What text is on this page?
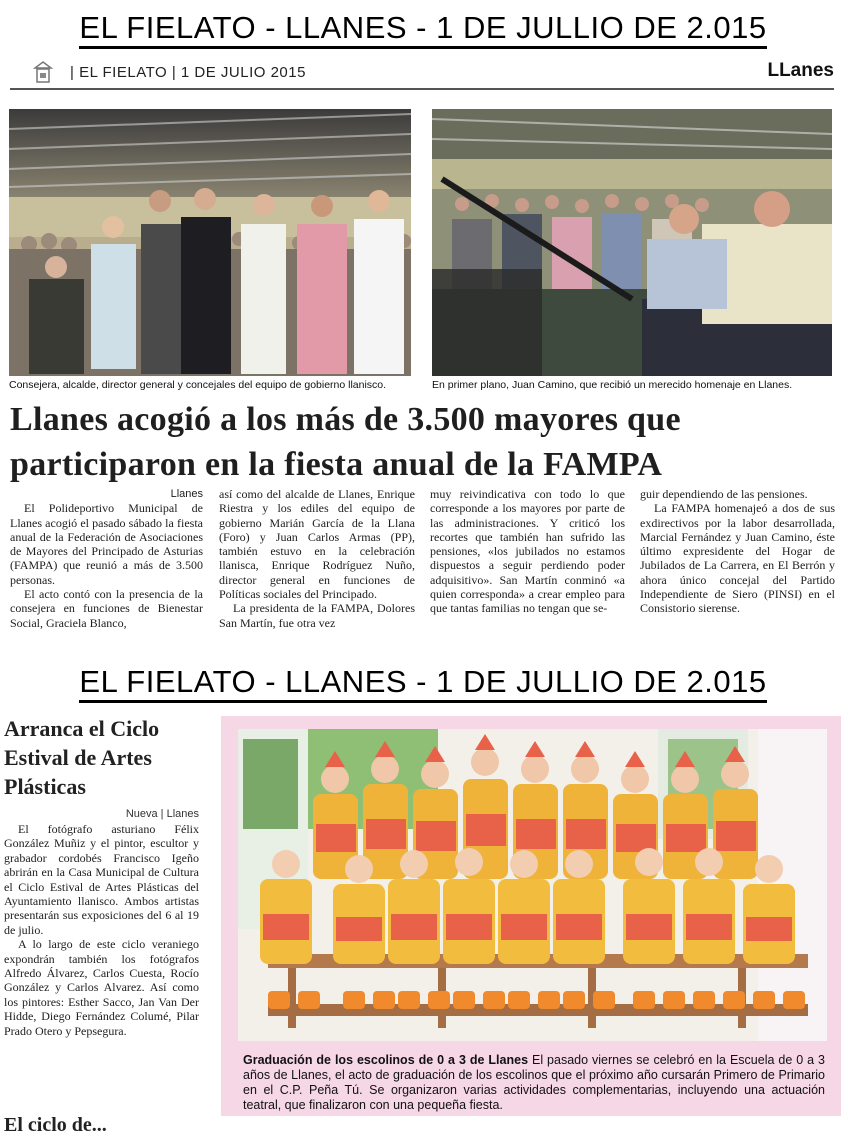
EL FIELATO - LLANES - 1 DE JULLIO DE 2.015
| EL FIELATO | 1 DE JULIO 2015	LLanes
Consejera, alcalde, director general y concejales del equipo de gobierno llanisco.	En primer plano, Juan Camino, que recibió un merecido homenaje en Llanes.
Llanes acogió a los más de 3.500 mayores que participaron en la fiesta anual de la FAMPA
Llanes

El Polideportivo Municipal de Llanes acogió el pasado sábado la fiesta anual de la Federación de Asociaciones de Mayores del Principado de Asturias (FAMPA) que reunió a más de 3.500 personas.

El acto contó con la presencia de la consejera en funciones de Bienestar Social, Graciela Blanco,

así como del alcalde de Llanes, Enrique Riestra y los ediles del equipo de gobierno Marián García de la Llana (Foro) y Juan Carlos Armas (PP), también estuvo en la celebración llanisca, Enrique Rodríguez Nuño, director general en funciones de Políticas sociales del Principado.

La presidenta de la FAMPA, Dolores San Martín, fue otra vez

muy reivindicativa con todo lo que corresponde a los mayores por parte de las administraciones. Y criticó los recortes que también han sufrido las pensiones, «los jubilados no estamos dispuestos a seguir perdiendo poder adquisitivo». San Martín conminó «a quien corresponda» a crear empleo para que tantas familias no tengan que se-

guir dependiendo de las pensiones.

La FAMPA homenajeó a dos de sus exdirectivos por la labor desarrollada, Marcial Fernández y Juan Camino, éste último expresidente del Hogar de Jubilados de La Carrera, en El Berrón y ahora único concejal del Partido Independiente de Siero (PINSI) en el Consistorio sierense.

EL FIELATO - LLANES - 1 DE JULLIO DE 2.015
Arranca el Ciclo Estival de Artes Plásticas
Nueva | Llanes

El fotógrafo asturiano Félix González Muñiz y el pintor, escultor y grabador cordobés Francisco Igeño abrirán en la Casa Municipal de Cultura el Ciclo Estival de Artes Plásticas del Ayuntamiento llanisco. Ambos artistas presentarán sus exposiciones del 6 al 19 de julio.

A lo largo de este ciclo veraniego expondrán también los fotógrafos Alfredo Álvarez, Carlos Cuesta, Rocío González y Carlos Alvarez. Así como los pintores: Esther Sacco, Jan Van Der Hidde, Diego Fernández Columé, Pilar Prado Otero y Pepsegura.

El ciclo de...
Graduación de los escolinos de 0 a 3 de Llanes El pasado viernes se celebró en la Escuela de 0 a 3 años de Llanes, el acto de graduación de los escolinos que el próximo año cursarán Primero de Primario en el C.P. Peña Tú. Se organizaron varias actividades complementarias, incluyendo una actuación teatral, que finalizaron con una pequeña fiesta.
